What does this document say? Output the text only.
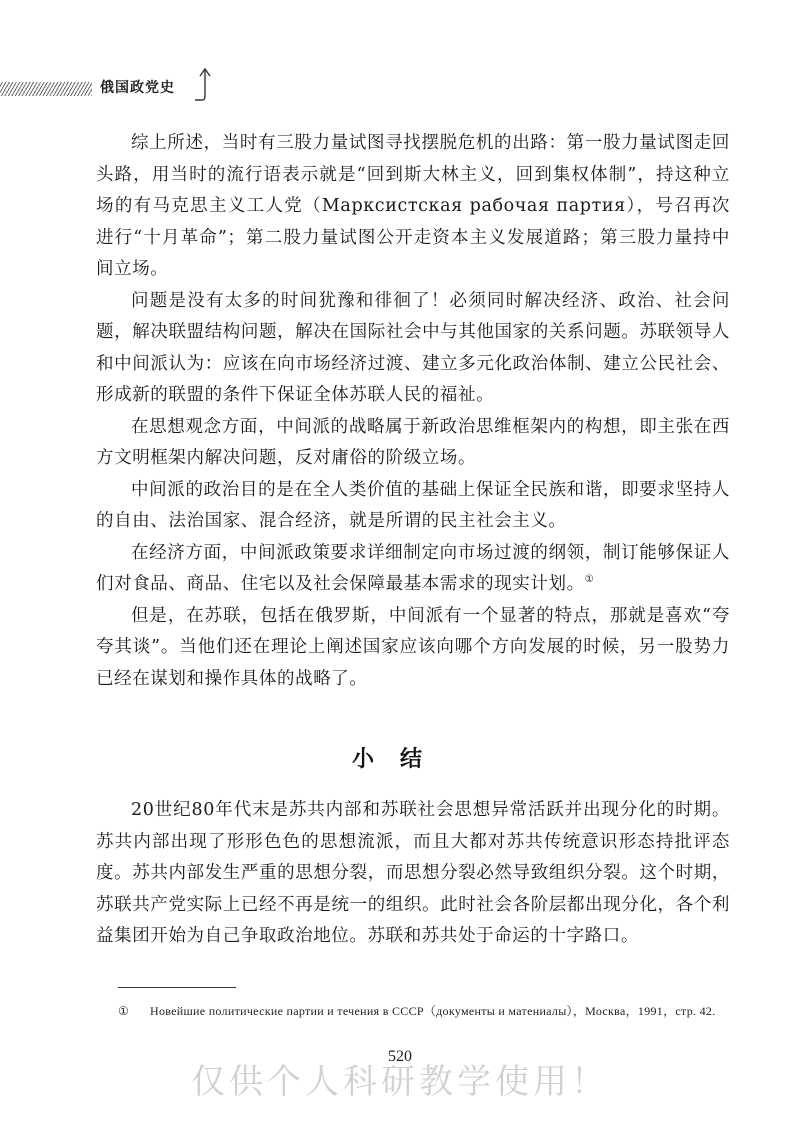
俄国政党史

综上所述，当时有三股力量试图寻找摆脱危机的出路：第一股力量试图走回头路，用当时的流行语表示就是“回到斯大林主义，回到集权体制”，持这种立场的有马克思主义工人党（Марксистская рабочая партия），号召再次进行“十月革命”；第二股力量试图公开走资本主义发展道路；第三股力量持中间立场。

问题是没有太多的时间犹豫和徘徊了！必须同时解决经济、政治、社会问题，解决联盟结构问题，解决在国际社会中与其他国家的关系问题。苏联领导人和中间派认为：应该在向市场经济过渡、建立多元化政治体制、建立公民社会、形成新的联盟的条件下保证全体苏联人民的福祉。

在思想观念方面，中间派的战略属于新政治思维框架内的构想，即主张在西方文明框架内解决问题，反对庸俗的阶级立场。

中间派的政治目的是在全人类价值的基础上保证全民族和谐，即要求坚持人的自由、法治国家、混合经济，就是所谓的民主社会主义。

在经济方面，中间派政策要求详细制定向市场过渡的纲领，制订能够保证人们对食品、商品、住宅以及社会保障最基本需求的现实计划。①

但是，在苏联，包括在俄罗斯，中间派有一个显著的特点，那就是喜欢“夸夸其谈”。当他们还在理论上阐述国家应该向哪个方向发展的时候，另一股势力已经在谋划和操作具体的战略了。

小结

20世纪80年代末是苏共内部和苏联社会思想异常活跃并出现分化的时期。苏共内部出现了形形色色的思想流派，而且大都对苏共传统意识形态持批评态度。苏共内部发生严重的思想分裂，而思想分裂必然导致组织分裂。这个时期，苏联共产党实际上已经不再是统一的组织。此时社会各阶层都出现分化，各个利益集团开始为自己争取政治地位。苏联和苏共处于命运的十字路口。

①	Новейшие политические партии и течения в СССР（документы и матениалы），Москва，1991，стр. 42.
520
仅供个人科研教学使用！
